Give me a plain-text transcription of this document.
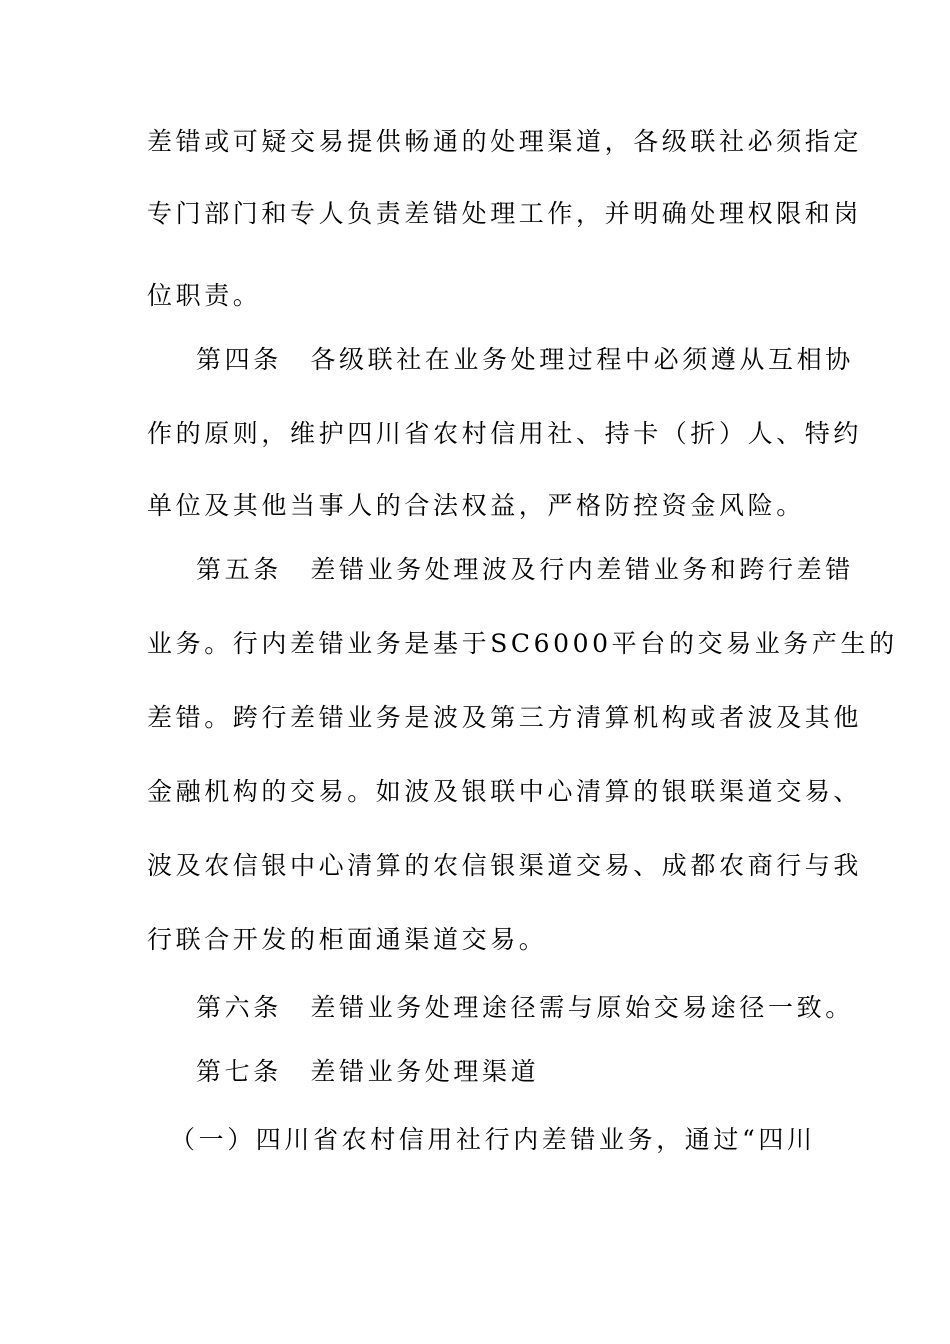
差错或可疑交易提供畅通的处理渠道，各级联社必须指定
专门部门和专人负责差错处理工作，并明确处理权限和岗
位职责。
第四条　各级联社在业务处理过程中必须遵从互相协
作的原则，维护四川省农村信用社、持卡（折）人、特约
单位及其他当事人的合法权益，严格防控资金风险。
第五条　差错业务处理波及行内差错业务和跨行差错
业务。行内差错业务是基于SC6000平台的交易业务产生的
差错。跨行差错业务是波及第三方清算机构或者波及其他
金融机构的交易。如波及银联中心清算的银联渠道交易、
波及农信银中心清算的农信银渠道交易、成都农商行与我
行联合开发的柜面通渠道交易。
第六条　差错业务处理途径需与原始交易途径一致。
第七条　差错业务处理渠道
（一）四川省农村信用社行内差错业务，通过“四川
